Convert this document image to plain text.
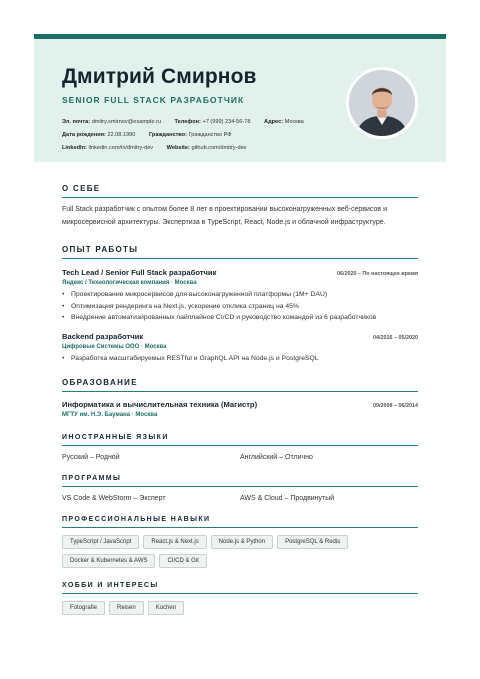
Дмитрий Смирнов
SENIOR FULL STACK РАЗРАБОТЧИК
Эл. почта: dmitry.smirnov@example.ru Телефон: +7 (999) 234-56-78 Адрес: Москва
Дата рождения: 22.08.1990 Гражданство: Гражданство РФ
LinkedIn: linkedin.com/in/dmitry-dev Website: github.com/dmitry-dev
О СЕБЕ
Full Stack разработчик с опытом более 8 лет в проектировании высоконагруженных веб-сервисов и микросервисной архитектуры. Экспертиза в TypeScript, React, Node.js и облачной инфраструктуре.
ОПЫТ РАБОТЫ
Tech Lead / Senior Full Stack разработчик	06/2020 – По настоящее время
Яндекс / Технологическая компания · Москва
• Проектирование микросервисов для высоконагруженной платформы (1M+ DAU)
• Оптимизация рендеринга на Next.js, ускорение отклика страниц на 45%
• Внедрение автоматизированных пайплайнов CI/CD и руководство командой из 6 разработчиков
Backend разработчик	04/2016 – 05/2020
Цифровые Системы ООО · Москва
• Разработка масштабируемых RESTful и GraphQL API на Node.js и PostgreSQL
ОБРАЗОВАНИЕ
Информатика и вычислительная техника (Магистр)	09/2008 – 06/2014
МГТУ им. Н.Э. Баумана · Москва
ИНОСТРАННЫЕ ЯЗЫКИ
Русский – Родной	Английский – Отлично
ПРОГРАММЫ
VS Code & WebStorm – Эксперт	AWS & Cloud – Продвинутый
ПРОФЕССИОНАЛЬНЫЕ НАВЫКИ
TypeScript / JavaScript	React.js & Next.js	Node.js & Python	PostgreSQL & Redis
Docker & Kubernetes & AWS	CI/CD & Git
ХОББИ И ИНТЕРЕСЫ
Fotografie	Reisen	Kochen
